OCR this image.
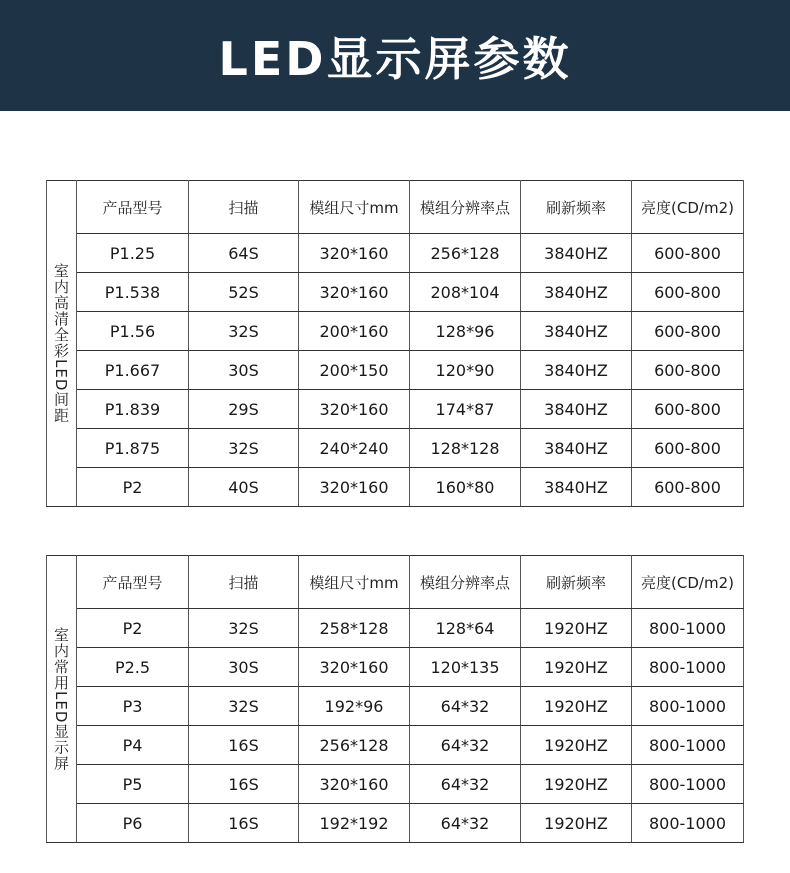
LED显示屏参数
室内高清全彩LED间距	产品型号	扫描	模组尺寸mm	模组分辨率点	刷新频率	亮度(CD/m2)
	P1.25	64S	320*160	256*128	3840HZ	600-800
	P1.538	52S	320*160	208*104	3840HZ	600-800
	P1.56	32S	200*160	128*96	3840HZ	600-800
	P1.667	30S	200*150	120*90	3840HZ	600-800
	P1.839	29S	320*160	174*87	3840HZ	600-800
	P1.875	32S	240*240	128*128	3840HZ	600-800
	P2	40S	320*160	160*80	3840HZ	600-800
室内常用LED显示屏	产品型号	扫描	模组尺寸mm	模组分辨率点	刷新频率	亮度(CD/m2)
	P2	32S	258*128	128*64	1920HZ	800-1000
	P2.5	30S	320*160	120*135	1920HZ	800-1000
	P3	32S	192*96	64*32	1920HZ	800-1000
	P4	16S	256*128	64*32	1920HZ	800-1000
	P5	16S	320*160	64*32	1920HZ	800-1000
	P6	16S	192*192	64*32	1920HZ	800-1000
